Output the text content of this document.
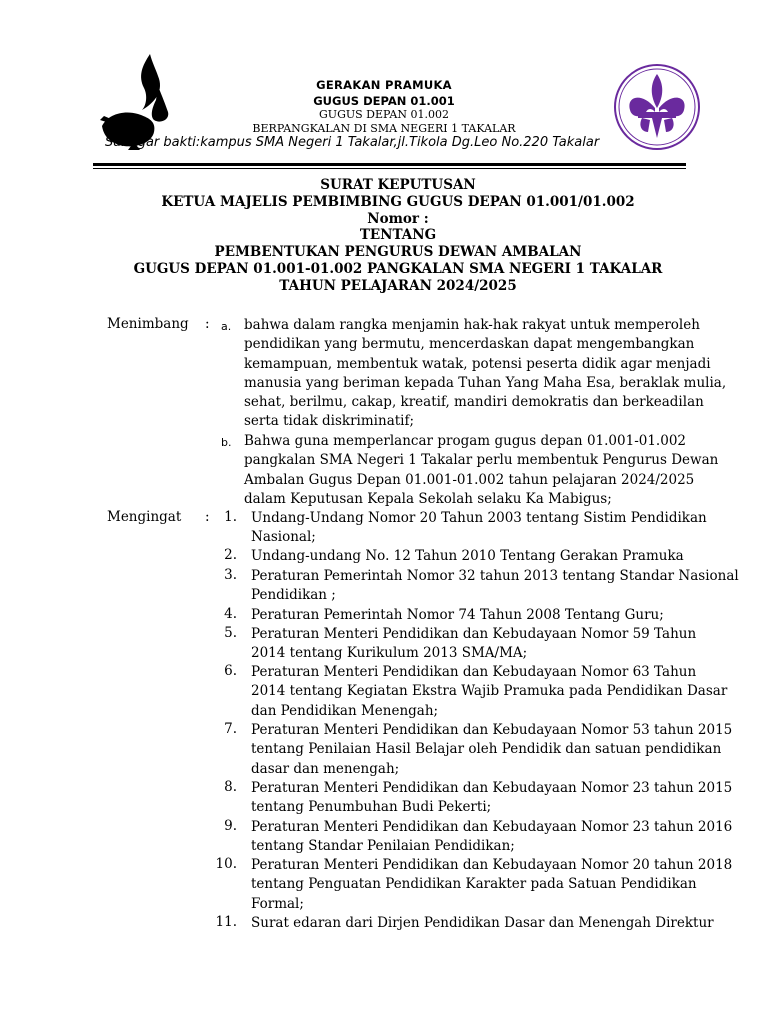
GERAKAN PRAMUKA
GUGUS DEPAN 01.001
GUGUS DEPAN 01.002
BERPANGKALAN DI SMA NEGERI 1 TAKALAR
Sanggar bakti:kampus SMA Negeri 1 Takalar,jl.Tikola Dg.Leo No.220 Takalar
SURAT KEPUTUSAN
KETUA MAJELIS PEMBIMBING GUGUS DEPAN 01.001/01.002
Nomor :
TENTANG
PEMBENTUKAN PENGURUS DEWAN AMBALAN
GUGUS DEPAN 01.001-01.002 PANGKALAN SMA NEGERI 1 TAKALAR
TAHUN PELAJARAN 2024/2025
Menimbang : a. bahwa dalam rangka menjamin hak-hak rakyat untuk memperoleh
pendidikan yang bermutu, mencerdaskan dapat mengembangkan
kemampuan, membentuk watak, potensi peserta didik agar menjadi
manusia yang beriman kepada Tuhan Yang Maha Esa, beraklak mulia,
sehat, berilmu, cakap, kreatif, mandiri demokratis dan berkeadilan
serta tidak diskriminatif;
b. Bahwa guna memperlancar progam gugus depan 01.001-01.002
pangkalan SMA Negeri 1 Takalar perlu membentuk Pengurus Dewan
Ambalan Gugus Depan 01.001-01.002 tahun pelajaran 2024/2025
dalam Keputusan Kepala Sekolah selaku Ka Mabigus;
Mengingat :	1. Undang-Undang Nomor 20 Tahun 2003 tentang Sistim Pendidikan
Nasional;
2. Undang-undang No. 12 Tahun 2010 Tentang Gerakan Pramuka
3. Peraturan Pemerintah Nomor 32 tahun 2013 tentang Standar Nasional
Pendidikan ;
4. Peraturan Pemerintah Nomor 74 Tahun 2008 Tentang Guru;
5. Peraturan Menteri Pendidikan dan Kebudayaan Nomor 59 Tahun
2014 tentang Kurikulum 2013 SMA/MA;
6. Peraturan Menteri Pendidikan dan Kebudayaan Nomor 63 Tahun
2014 tentang Kegiatan Ekstra Wajib Pramuka pada Pendidikan Dasar
dan Pendidikan Menengah;
7. Peraturan Menteri Pendidikan dan Kebudayaan Nomor 53 tahun 2015
tentang Penilaian Hasil Belajar oleh Pendidik dan satuan pendidikan
dasar dan menengah;
8. Peraturan Menteri Pendidikan dan Kebudayaan Nomor 23 tahun 2015
tentang Penumbuhan Budi Pekerti;
9. Peraturan Menteri Pendidikan dan Kebudayaan Nomor 23 tahun 2016
tentang Standar Penilaian Pendidikan;
10. Peraturan Menteri Pendidikan dan Kebudayaan Nomor 20 tahun 2018
tentang Penguatan Pendidikan Karakter pada Satuan Pendidikan
Formal;
11. Surat edaran dari Dirjen Pendidikan Dasar dan Menengah Direktur
